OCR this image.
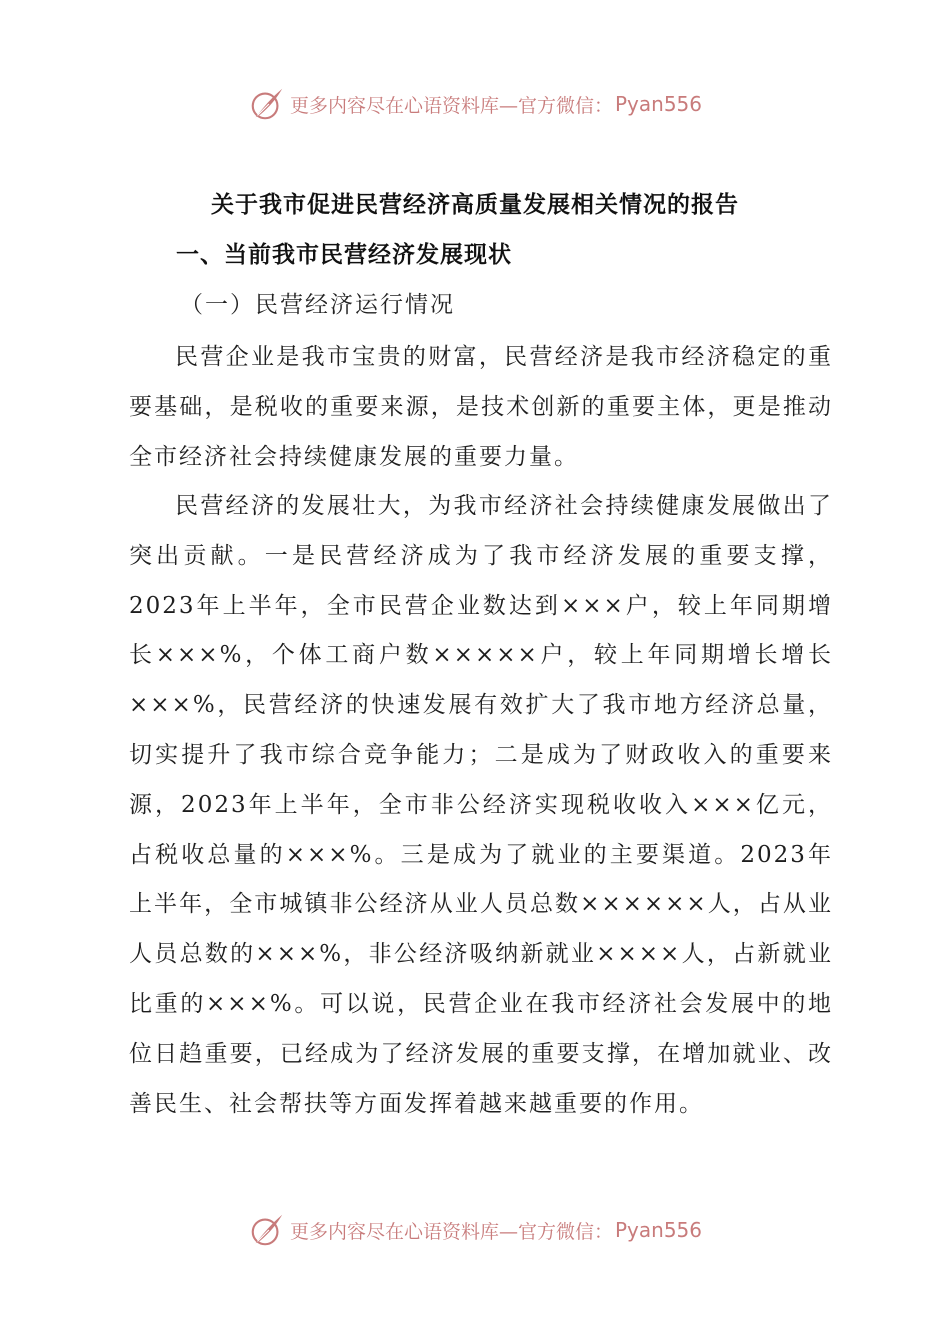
更多内容尽在心语资料库—官方微信： Pyan556
关于我市促进民营经济高质量发展相关情况的报告
一、当前我市民营经济发展现状
（一）民营经济运行情况
民营企业是我市宝贵的财富，民营经济是我市经济稳定的重要基础，是税收的重要来源，是技术创新的重要主体，更是推动全市经济社会持续健康发展的重要力量。
民营经济的发展壮大，为我市经济社会持续健康发展做出了突出贡献。一是民营经济成为了我市经济发展的重要支撑，2023年上半年，全市民营企业数达到×××户，较上年同期增长×××%，个体工商户数×××××户，较上年同期增长增长×××%，民营经济的快速发展有效扩大了我市地方经济总量，切实提升了我市综合竞争能力；二是成为了财政收入的重要来源，2023年上半年，全市非公经济实现税收收入×××亿元，占税收总量的×××%。三是成为了就业的主要渠道。2023年上半年，全市城镇非公经济从业人员总数××××××人，占从业人员总数的×××%，非公经济吸纳新就业××××人，占新就业比重的×××%。可以说，民营企业在我市经济社会发展中的地位日趋重要，已经成为了经济发展的重要支撑，在增加就业、改善民生、社会帮扶等方面发挥着越来越重要的作用。
更多内容尽在心语资料库—官方微信： Pyan556
